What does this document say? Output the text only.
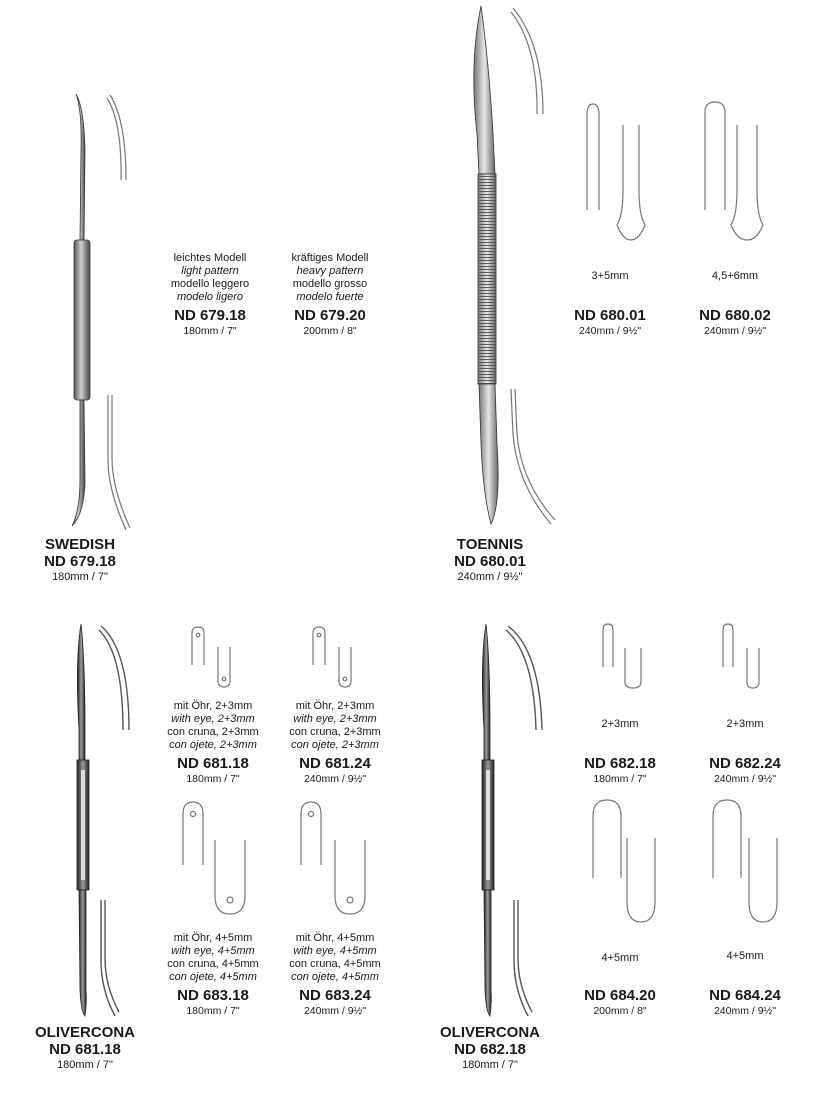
leichtes Modell
light pattern
modello leggero
modelo ligero
ND 679.18
180mm / 7"
kräftiges Modell
heavy pattern
modello grosso
modelo fuerte
ND 679.20
200mm / 8"
SWEDISH
ND 679.18
180mm / 7"
3+5mm
ND 680.01
240mm / 9½"
4,5+6mm
ND 680.02
240mm / 9½"
TOENNIS
ND 680.01
240mm / 9½"
mit Öhr, 2+3mm
with eye, 2+3mm
con cruna, 2+3mm
con ojete, 2+3mm
ND 681.18
180mm / 7"
mit Öhr, 2+3mm
with eye, 2+3mm
con cruna, 2+3mm
con ojete, 2+3mm
ND 681.24
240mm / 9½"
mit Öhr, 4+5mm
with eye, 4+5mm
con cruna, 4+5mm
con ojete, 4+5mm
ND 683.18
180mm / 7"
mit Öhr, 4+5mm
with eye, 4+5mm
con cruna, 4+5mm
con ojete, 4+5mm
ND 683.24
240mm / 9½"
OLIVERCONA
ND 681.18
180mm / 7"
2+3mm
ND 682.18
180mm / 7"
2+3mm
ND 682.24
240mm / 9½"
4+5mm
ND 684.20
200mm / 8"
4+5mm
ND 684.24
240mm / 9½"
OLIVERCONA
ND 682.18
180mm / 7"
